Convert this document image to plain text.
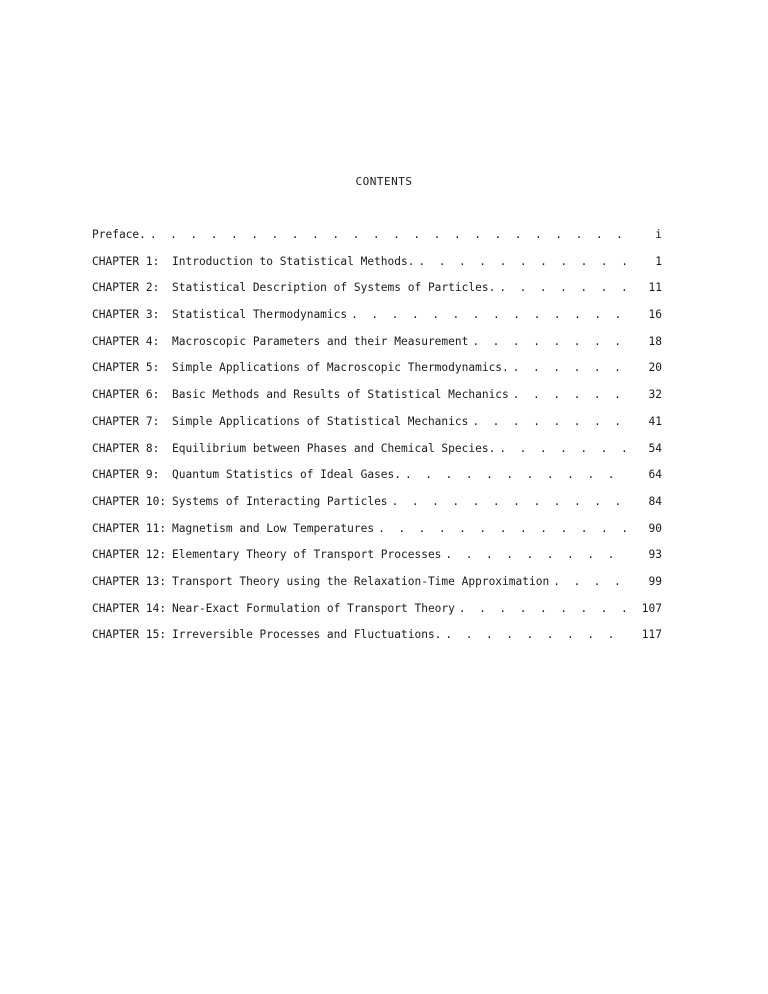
CONTENTS
Preface. . . .	i
CHAPTER 1:	Introduction to Statistical Methods. . . .	1
CHAPTER 2:	Statistical Description of Systems of Particles. . . .	11
CHAPTER 3:	Statistical Thermodynamics . . .	16
CHAPTER 4:	Macroscopic Parameters and their Measurement . . .	18
CHAPTER 5:	Simple Applications of Macroscopic Thermodynamics. . . .	20
CHAPTER 6:	Basic Methods and Results of Statistical Mechanics . . .	32
CHAPTER 7:	Simple Applications of Statistical Mechanics . . .	41
CHAPTER 8:	Equilibrium between Phases and Chemical Species. . . .	54
CHAPTER 9:	Quantum Statistics of Ideal Gases. . . .	64
CHAPTER 10: Systems of Interacting Particles . . .	84
CHAPTER 11: Magnetism and Low Temperatures . . .	90
CHAPTER 12: Elementary Theory of Transport Processes . . .	93
CHAPTER 13: Transport Theory using the Relaxation-Time Approximation . . .	99
CHAPTER 14: Near-Exact Formulation of Transport Theory . . .	107
CHAPTER 15: Irreversible Processes and Fluctuations. . . .	117
